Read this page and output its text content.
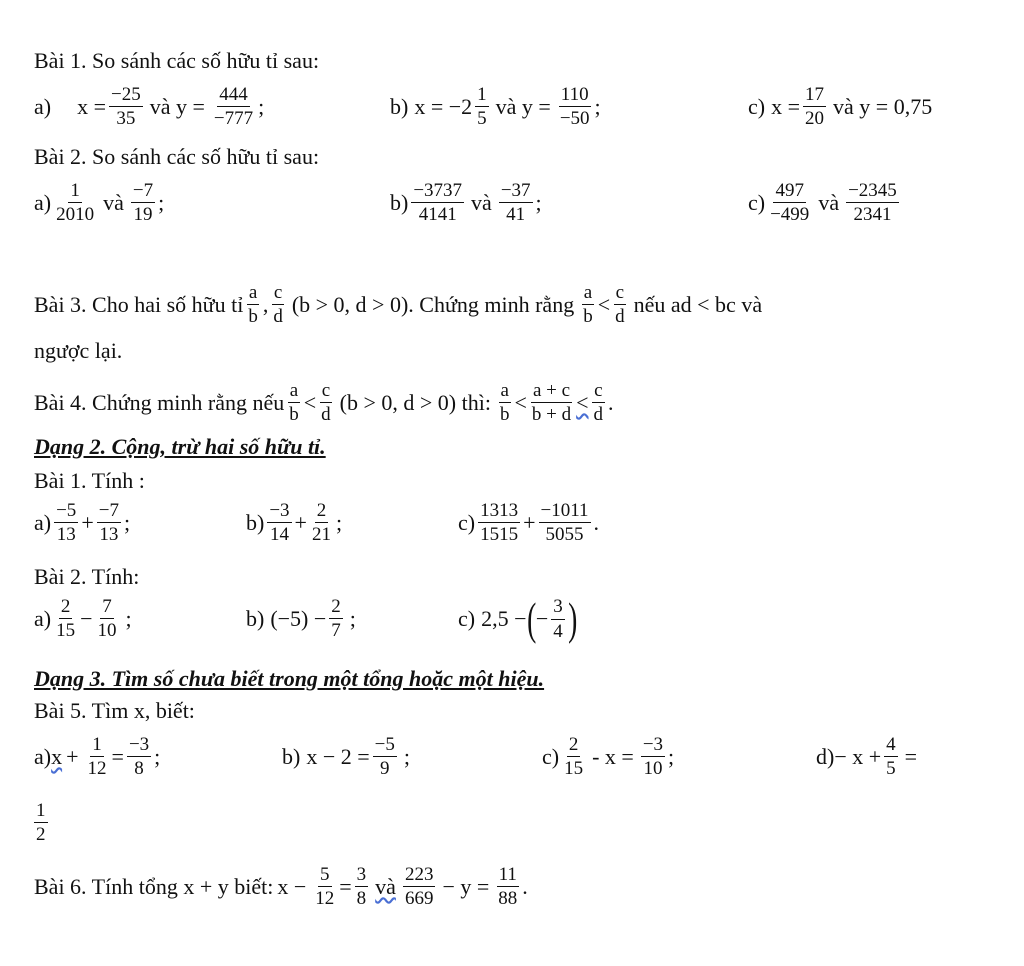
Bài 1. So sánh các số hữu tỉ sau:
a) $x = \frac{-25}{35}$ và $y = \frac{444}{-777}$ ;	b) $x = -2 \frac{1}{5}$ và $y = \frac{110}{-50}$ ;	c) $x = \frac{17}{20}$ và y = 0,75
Bài 2. So sánh các số hữu tỉ sau:
$a) \frac{1}{2010}$ và $\frac{-7}{19}$ ;	$b) \frac{-3737}{4141}$ và $\frac{-37}{41}$ ;	$c) \frac{497}{-499}$ và $\frac{-2345}{2341}$
Bài 3. Cho hai số hữu tỉ $\frac{a}{b}$ , $\frac{c}{d} (b > 0$, d > 0). Chứng minh rằng $\frac{a}{b} < \frac{c}{d}$ nếu ad < bc và
ngược lại.
Bài 4. Chứng minh rằng nếu $\frac{a}{b} < \frac{c}{d} (b > 0$, d > 0) thì: $\frac{a}{b} < \frac{a + c}{b + d} < \frac{c}{d}$ .
Dạng 2. Cộng, trừ hai số hữu tỉ.
Bài 1. Tính :
$a) \frac{-5}{13} + \frac{-7}{13}$ ;	$b) \frac{-3}{14} + \frac{2}{21}$ ;	$c) \frac{1313}{1515} + \frac{-1011}{5055}$ .
Bài 2. Tính:
$a) \frac{2}{15} - \frac{7}{10}$ ;	b) $(-5) - \frac{2}{7}$ ;	c) 2,5 − ( − $\frac{3}{4}$ )
Dạng 3. Tìm số chưa biết trong một tổng hoặc một hiệu.
Bài 5. Tìm x, biết:
a) $x + \frac{1}{12} = \frac{-3}{8}$ ;	b) $x - 2 = \frac{-5}{9}$ ;	$c) \frac{2}{15} - x = \frac{-3}{10}$ ;	$d) - x + \frac{4}{5}$ =
$\frac{1}{2}$
Bài 6. Tính tổng x + y biết: $x - \frac{5}{12} = \frac{3}{8}$ và $\frac{223}{669} - y = \frac{11}{88}$ .
